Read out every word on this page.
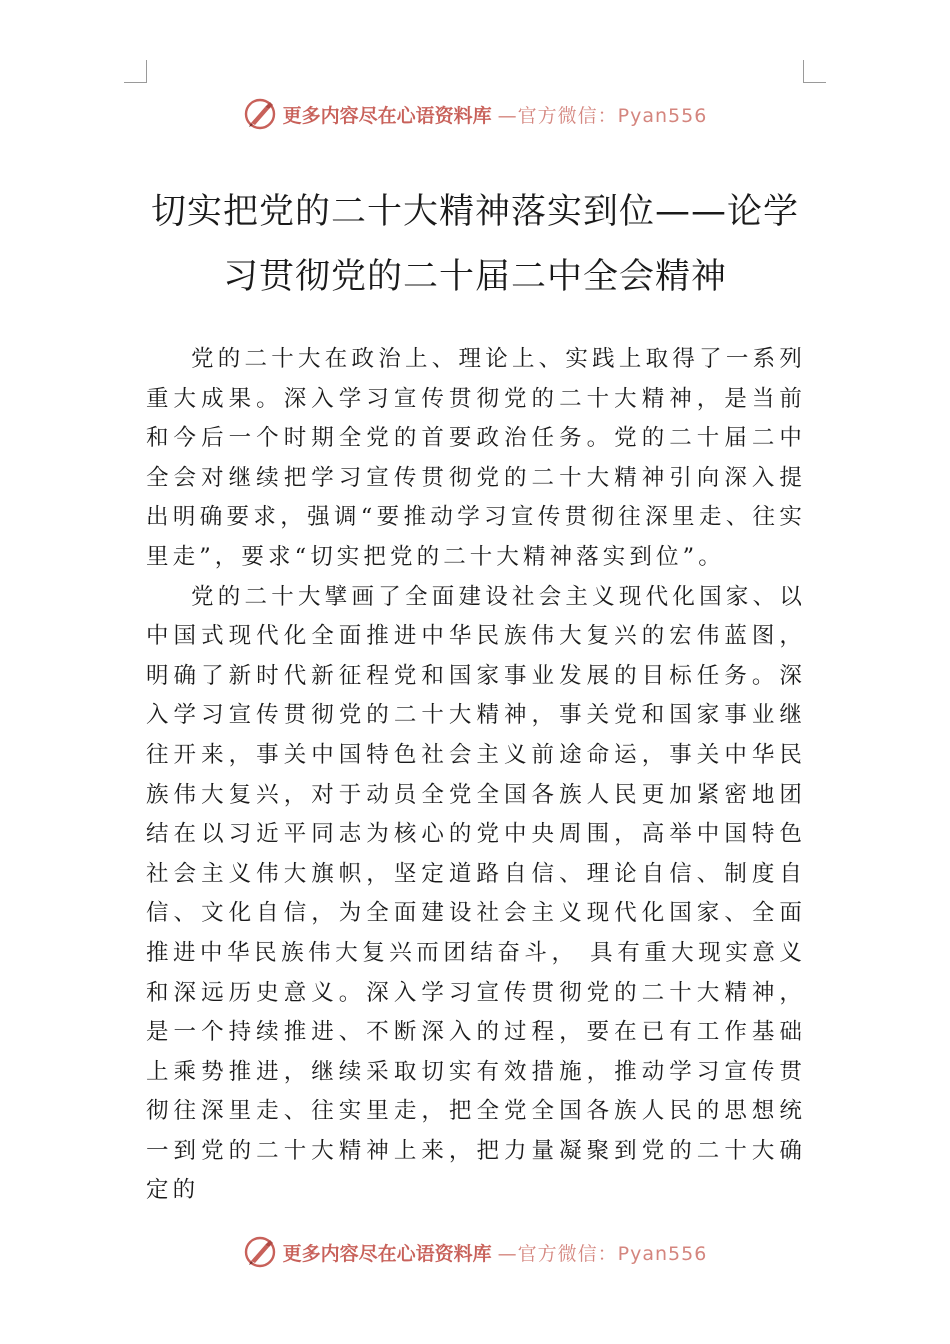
更多内容尽在心语资料库 —官方微信：Pyan556
切实把党的二十大精神落实到位——论学习贯彻党的二十届二中全会精神

党的二十大在政治上、理论上、实践上取得了一系列重大成果。深入学习宣传贯彻党的二十大精神，是当前和今后一个时期全党的首要政治任务。党的二十届二中全会对继续把学习宣传贯彻党的二十大精神引向深入提出明确要求，强调“要推动学习宣传贯彻往深里走、往实里走”，要求“切实把党的二十大精神落实到位”。

党的二十大擘画了全面建设社会主义现代化国家、以中国式现代化全面推进中华民族伟大复兴的宏伟蓝图，明确了新时代新征程党和国家事业发展的目标任务。深入学习宣传贯彻党的二十大精神，事关党和国家事业继往开来，事关中国特色社会主义前途命运，事关中华民族伟大复兴，对于动员全党全国各族人民更加紧密地团结在以习近平同志为核心的党中央周围，高举中国特色社会主义伟大旗帜，坚定道路自信、理论自信、制度自信、文化自信，为全面建设社会主义现代化国家、全面推进中华民族伟大复兴而团结奋斗， 具有重大现实意义和深远历史意义。深入学习宣传贯彻党的二十大精神，是一个持续推进、不断深入的过程，要在已有工作基础上乘势推进，继续采取切实有效措施，推动学习宣传贯彻往深里走、往实里走，把全党全国各族人民的思想统一到党的二十大精神上来，把力量凝聚到党的二十大确定的

更多内容尽在心语资料库 —官方微信：Pyan556
